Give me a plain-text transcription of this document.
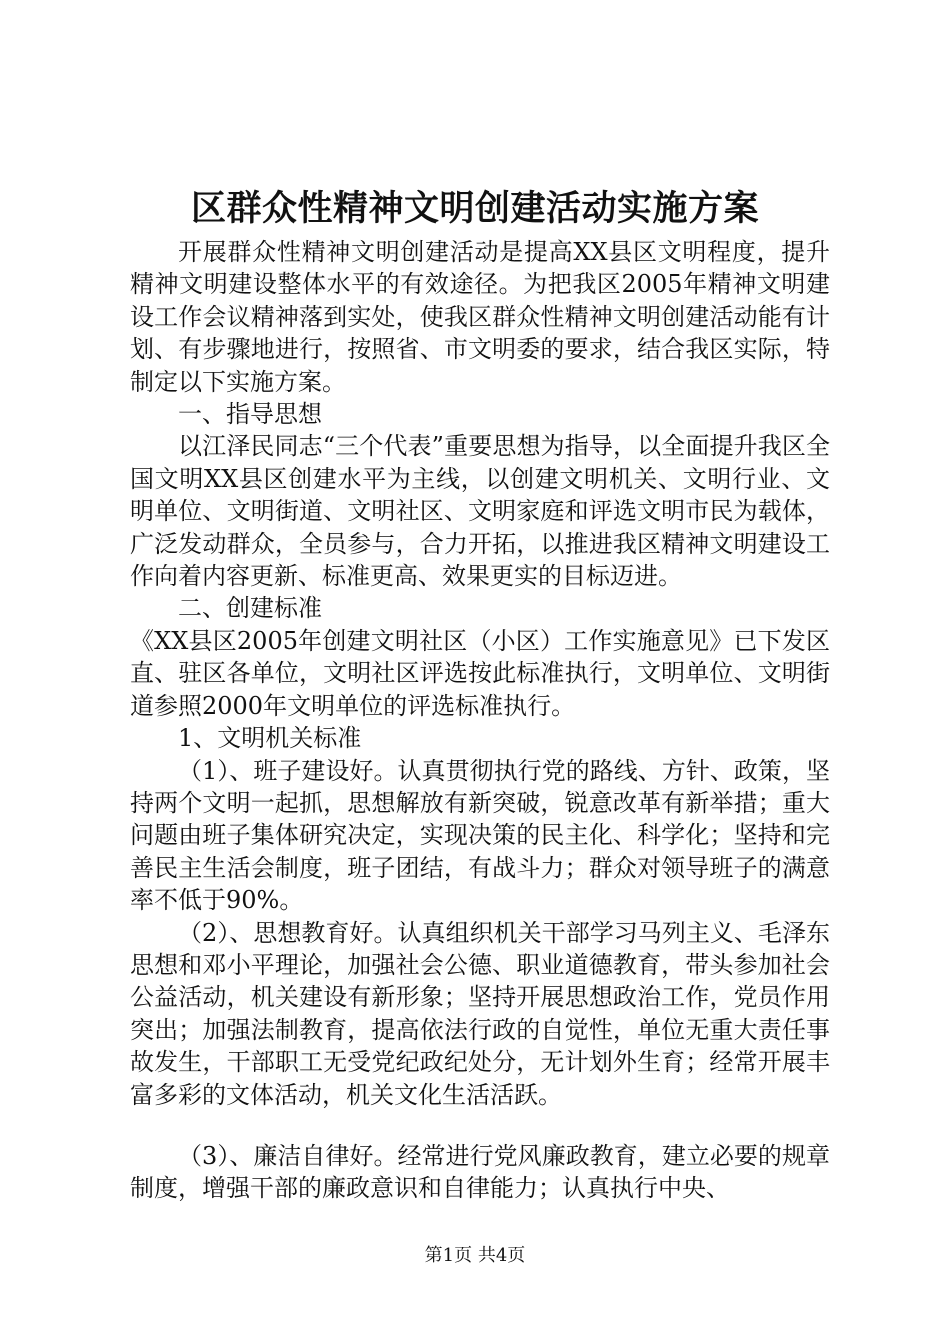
区群众性精神文明创建活动实施方案

开展群众性精神文明创建活动是提高XX县区文明程度，提升精神文明建设整体水平的有效途径。为把我区2005年精神文明建设工作会议精神落到实处，使我区群众性精神文明创建活动能有计划、有步骤地进行，按照省、市文明委的要求，结合我区实际，特制定以下实施方案。

一、指导思想

以江泽民同志“三个代表”重要思想为指导，以全面提升我区全国文明XX县区创建水平为主线，以创建文明机关、文明行业、文明单位、文明街道、文明社区、文明家庭和评选文明市民为载体，广泛发动群众，全员参与，合力开拓，以推进我区精神文明建设工作向着内容更新、标准更高、效果更实的目标迈进。

二、创建标准

《XX县区2005年创建文明社区（小区）工作实施意见》已下发区直、驻区各单位，文明社区评选按此标准执行，文明单位、文明街道参照2000年文明单位的评选标准执行。

1、文明机关标准

（1）、班子建设好。认真贯彻执行党的路线、方针、政策，坚持两个文明一起抓，思想解放有新突破，锐意改革有新举措；重大问题由班子集体研究决定，实现决策的民主化、科学化；坚持和完善民主生活会制度，班子团结，有战斗力；群众对领导班子的满意率不低于90%。

（2）、思想教育好。认真组织机关干部学习马列主义、毛泽东思想和邓小平理论，加强社会公德、职业道德教育，带头参加社会公益活动，机关建设有新形象；坚持开展思想政治工作，党员作用突出；加强法制教育，提高依法行政的自觉性，单位无重大责任事故发生，干部职工无受党纪政纪处分，无计划外生育；经常开展丰富多彩的文体活动，机关文化生活活跃。

（3）、廉洁自律好。经常进行党风廉政教育，建立必要的规章制度，增强干部的廉政意识和自律能力；认真执行中央、

第1页 共4页
